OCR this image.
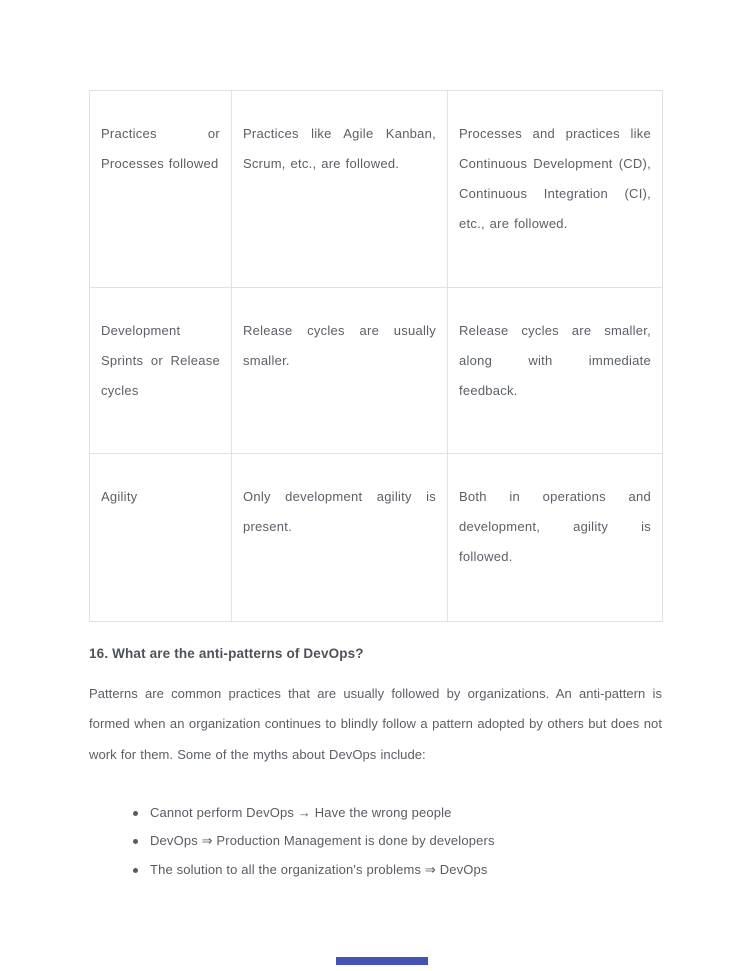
Practices or Processes followed	Practices like Agile Kanban, Scrum, etc., are followed.	Processes and practices like Continuous Development (CD), Continuous Integration (CI), etc., are followed.
Development Sprints or Release cycles	Release cycles are usually smaller.	Release cycles are smaller, along with immediate feedback.
Agility	Only development agility is present.	Both in operations and development, agility is followed.
16. What are the anti-patterns of DevOps?
Patterns are common practices that are usually followed by organizations. An anti-pattern is formed when an organization continues to blindly follow a pattern adopted by others but does not work for them. Some of the myths about DevOps include:
Cannot perform DevOps → Have the wrong people
DevOps ⇒ Production Management is done by developers
The solution to all the organization's problems ⇒ DevOps
